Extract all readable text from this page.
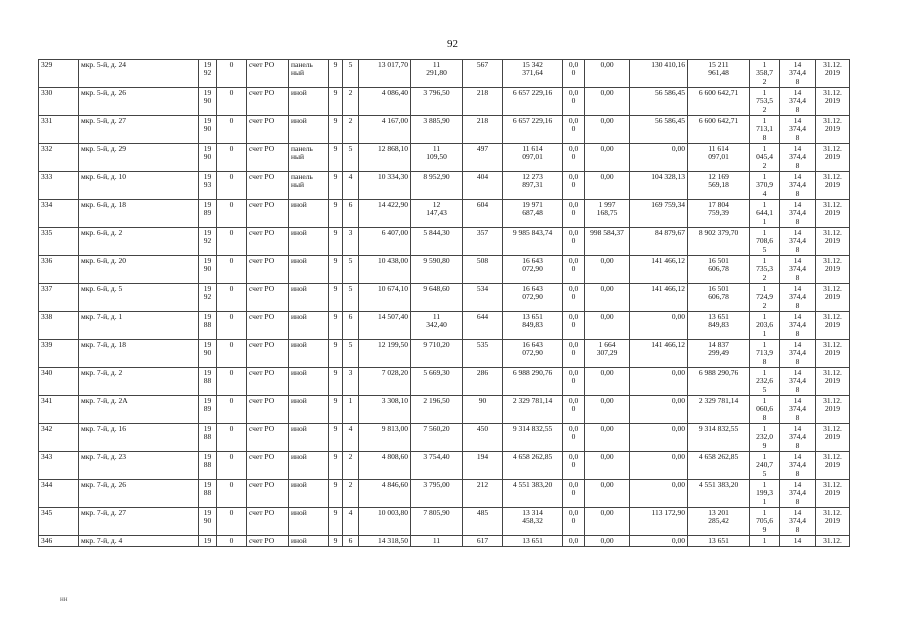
92
329	мкр. 5-й, д. 24	19
92	0	счет РО	панель
ный	9	5	13 017,70	11
291,80	567	15 342
371,64	0,0
0	0,00	130 410,16	15 211
961,48	1
358,7
2	14
374,4
8	31.12.
2019
330	мкр. 5-й, д. 26	19
90	0	счет РО	иной	9	2	4 086,40	3 796,50	218	6 657 229,16	0,0
0	0,00	56 586,45	6 600 642,71	1
753,5
2	14
374,4
8	31.12.
2019
331	мкр. 5-й, д. 27	19
90	0	счет РО	иной	9	2	4 167,00	3 885,90	218	6 657 229,16	0,0
0	0,00	56 586,45	6 600 642,71	1
713,1
8	14
374,4
8	31.12.
2019
332	мкр. 5-й, д. 29	19
90	0	счет РО	панель
ный	9	5	12 868,10	11
109,50	497	11 614
097,01	0,0
0	0,00	0,00	11 614
097,01	1
045,4
2	14
374,4
8	31.12.
2019
333	мкр. 6-й, д. 10	19
93	0	счет РО	панель
ный	9	4	10 334,30	8 952,90	404	12 273
897,31	0,0
0	0,00	104 328,13	12 169
569,18	1
370,9
4	14
374,4
8	31.12.
2019
334	мкр. 6-й, д. 18	19
89	0	счет РО	иной	9	6	14 422,90	12
147,43	604	19 971
687,48	0,0
0	1 997
168,75	169 759,34	17 804
759,39	1
644,1
1	14
374,4
8	31.12.
2019
335	мкр. 6-й, д. 2	19
92	0	счет РО	иной	9	3	6 407,00	5 844,30	357	9 985 843,74	0,0
0	998 584,37	84 879,67	8 902 379,70	1
708,6
5	14
374,4
8	31.12.
2019
336	мкр. 6-й, д. 20	19
90	0	счет РО	иной	9	5	10 438,00	9 590,80	508	16 643
072,90	0,0
0	0,00	141 466,12	16 501
606,78	1
735,3
2	14
374,4
8	31.12.
2019
337	мкр. 6-й, д. 5	19
92	0	счет РО	иной	9	5	10 674,10	9 648,60	534	16 643
072,90	0,0
0	0,00	141 466,12	16 501
606,78	1
724,9
2	14
374,4
8	31.12.
2019
338	мкр. 7-й, д. 1	19
88	0	счет РО	иной	9	6	14 507,40	11
342,40	644	13 651
849,83	0,0
0	0,00	0,00	13 651
849,83	1
203,6
1	14
374,4
8	31.12.
2019
339	мкр. 7-й, д. 18	19
90	0	счет РО	иной	9	5	12 199,50	9 710,20	535	16 643
072,90	0,0
0	1 664
307,29	141 466,12	14 837
299,49	1
713,9
8	14
374,4
8	31.12.
2019
340	мкр. 7-й, д. 2	19
88	0	счет РО	иной	9	3	7 028,20	5 669,30	286	6 988 290,76	0,0
0	0,00	0,00	6 988 290,76	1
232,6
5	14
374,4
8	31.12.
2019
341	мкр. 7-й, д. 2А	19
89	0	счет РО	иной	9	1	3 308,10	2 196,50	90	2 329 781,14	0,0
0	0,00	0,00	2 329 781,14	1
060,6
8	14
374,4
8	31.12.
2019
342	мкр. 7-й, д. 16	19
88	0	счет РО	иной	9	4	9 813,00	7 560,20	450	9 314 832,55	0,0
0	0,00	0,00	9 314 832,55	1
232,0
9	14
374,4
8	31.12.
2019
343	мкр. 7-й, д. 23	19
88	0	счет РО	иной	9	2	4 808,60	3 754,40	194	4 658 262,85	0,0
0	0,00	0,00	4 658 262,85	1
240,7
5	14
374,4
8	31.12.
2019
344	мкр. 7-й, д. 26	19
88	0	счет РО	иной	9	2	4 846,60	3 795,00	212	4 551 383,20	0,0
0	0,00	0,00	4 551 383,20	1
199,3
1	14
374,4
8	31.12.
2019
345	мкр. 7-й, д. 27	19
90	0	счет РО	иной	9	4	10 003,80	7 805,90	485	13 314
458,32	0,0
0	0,00	113 172,90	13 201
285,42	1
705,6
9	14
374,4
8	31.12.
2019
346	мкр. 7-й, д. 4	19	0	счет РО	иной	9	6	14 318,50	11	617	13 651	0,0	0,00	0,00	13 651	1	14	31.12.
нн
